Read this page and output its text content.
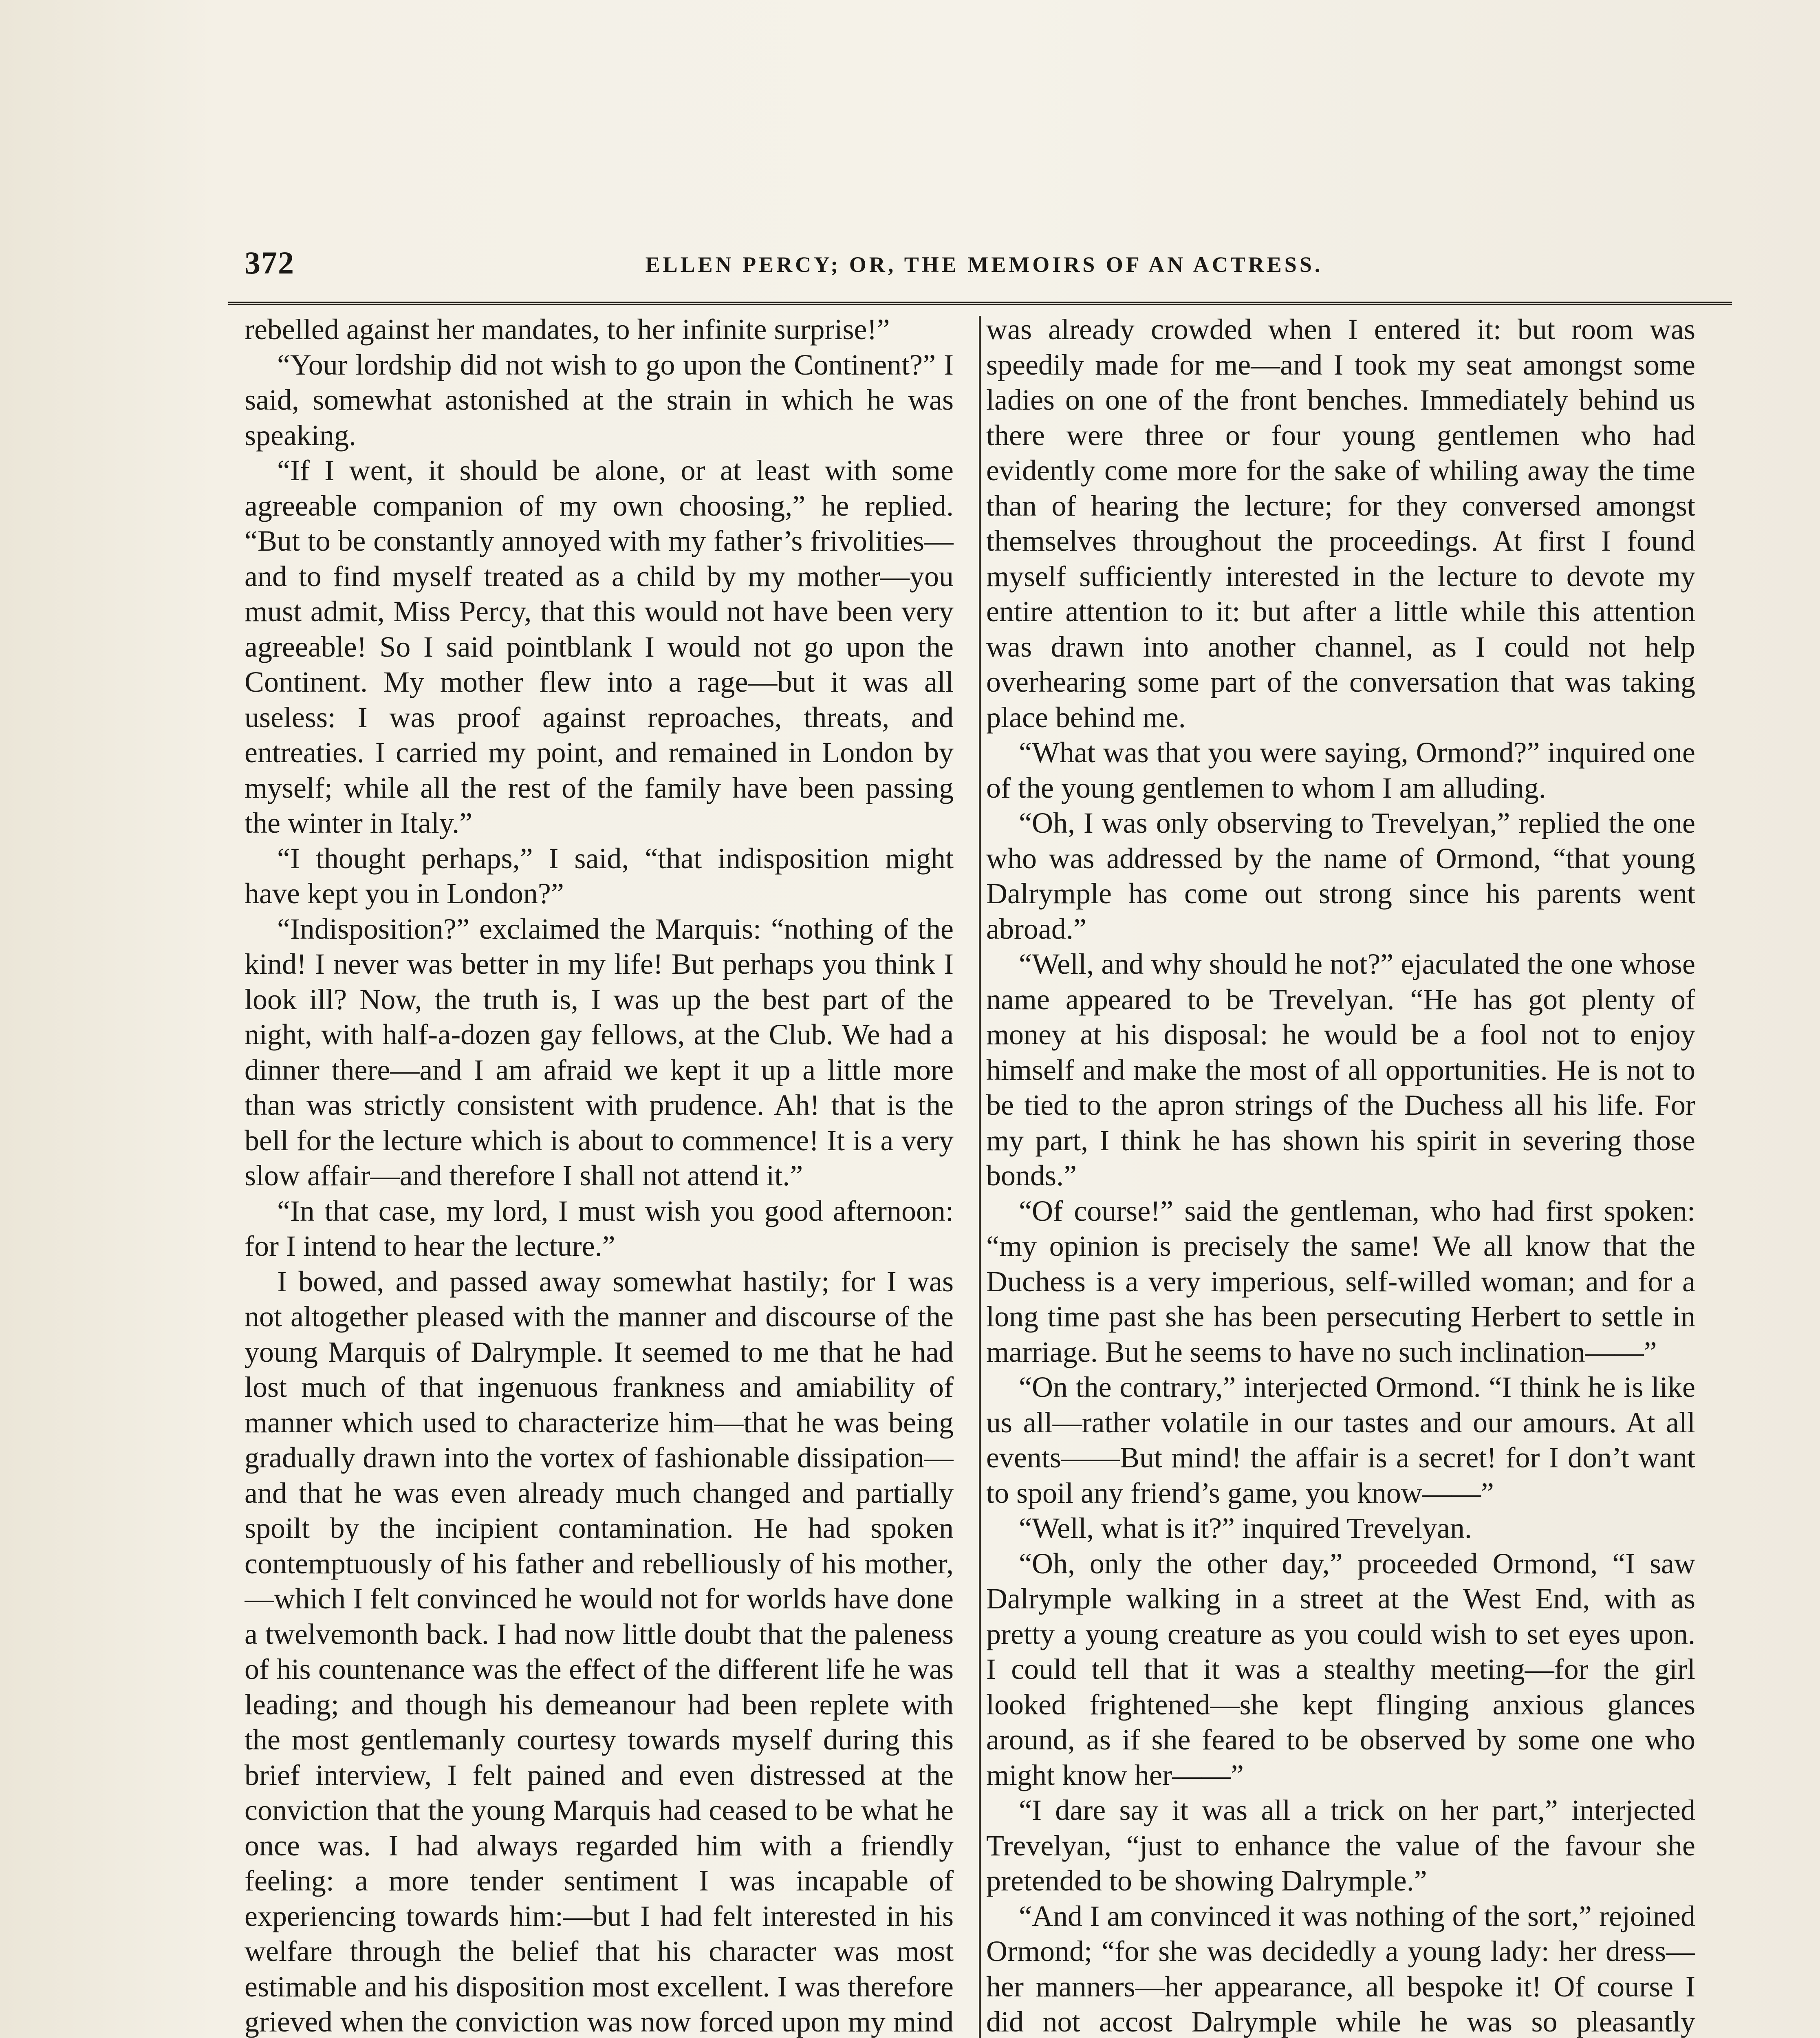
372	ELLEN PERCY; OR, THE MEMOIRS OF AN ACTRESS.

rebelled against her mandates, to her infinite surprise!”

“Your lordship did not wish to go upon the Continent?” I said, somewhat astonished at the strain in which he was speaking.

“If I went, it should be alone, or at least with some agreeable companion of my own choosing,” he replied. “But to be constantly annoyed with my father’s frivolities—and to find myself treated as a child by my mother—you must admit, Miss Percy, that this would not have been very agreeable! So I said pointblank I would not go upon the Continent. My mother flew into a rage—but it was all useless: I was proof against reproaches, threats, and entreaties. I carried my point, and remained in London by myself; while all the rest of the family have been passing the winter in Italy.”

“I thought perhaps,” I said, “that indisposition might have kept you in London?”

“Indisposition?” exclaimed the Marquis: “nothing of the kind! I never was better in my life! But perhaps you think I look ill? Now, the truth is, I was up the best part of the night, with half-a-dozen gay fellows, at the Club. We had a dinner there—and I am afraid we kept it up a little more than was strictly consistent with prudence. Ah! that is the bell for the lecture which is about to commence! It is a very slow affair—and therefore I shall not attend it.”

“In that case, my lord, I must wish you good afternoon: for I intend to hear the lecture.”

I bowed, and passed away somewhat hastily; for I was not altogether pleased with the manner and discourse of the young Marquis of Dalrymple. It seemed to me that he had lost much of that ingenuous frankness and amiability of manner which used to characterize him—that he was being gradually drawn into the vortex of fashionable dissipation—and that he was even already much changed and partially spoilt by the incipient contamination. He had spoken contemptuously of his father and rebelliously of his mother,—which I felt convinced he would not for worlds have done a twelvemonth back. I had now little doubt that the paleness of his countenance was the effect of the different life he was leading; and though his demeanour had been replete with the most gentlemanly courtesy towards myself during this brief interview, I felt pained and even distressed at the conviction that the young Marquis had ceased to be what he once was. I had always regarded him with a friendly feeling: a more tender sentiment I was incapable of experiencing towards him:—but I had felt interested in his welfare through the belief that his character was most estimable and his disposition most excellent. I was therefore grieved when the conviction was now forced upon my mind

was already crowded when I entered it: but room was speedily made for me—and I took my seat amongst some ladies on one of the front benches. Immediately behind us there were three or four young gentlemen who had evidently come more for the sake of whiling away the time than of hearing the lecture; for they conversed amongst themselves throughout the proceedings. At first I found myself sufficiently interested in the lecture to devote my entire attention to it: but after a little while this attention was drawn into another channel, as I could not help overhearing some part of the conversation that was taking place behind me.

“What was that you were saying, Ormond?” inquired one of the young gentlemen to whom I am alluding.

“Oh, I was only observing to Trevelyan,” replied the one who was addressed by the name of Ormond, “that young Dalrymple has come out strong since his parents went abroad.”

“Well, and why should he not?” ejaculated the one whose name appeared to be Trevelyan. “He has got plenty of money at his disposal: he would be a fool not to enjoy himself and make the most of all opportunities. He is not to be tied to the apron strings of the Duchess all his life. For my part, I think he has shown his spirit in severing those bonds.”

“Of course!” said the gentleman, who had first spoken: “my opinion is precisely the same! We all know that the Duchess is a very imperious, self-willed woman; and for a long time past she has been persecuting Herbert to settle in marriage. But he seems to have no such inclination——”

“On the contrary,” interjected Ormond. “I think he is like us all—rather volatile in our tastes and our amours. At all events——But mind! the affair is a secret! for I don’t want to spoil any friend’s game, you know——”

“Well, what is it?” inquired Trevelyan.

“Oh, only the other day,” proceeded Ormond, “I saw Dalrymple walking in a street at the West End, with as pretty a young creature as you could wish to set eyes upon. I could tell that it was a stealthy meeting—for the girl looked frightened—she kept flinging anxious glances around, as if she feared to be observed by some one who might know her——”

“I dare say it was all a trick on her part,” interjected Trevelyan, “just to enhance the value of the favour she pretended to be showing Dalrymple.”

“And I am convinced it was nothing of the sort,” rejoined Ormond; “for she was decidedly a young lady: her dress—her manners—her appearance, all bespoke it! Of course I did not accost Dalrymple while he was so pleasantly
